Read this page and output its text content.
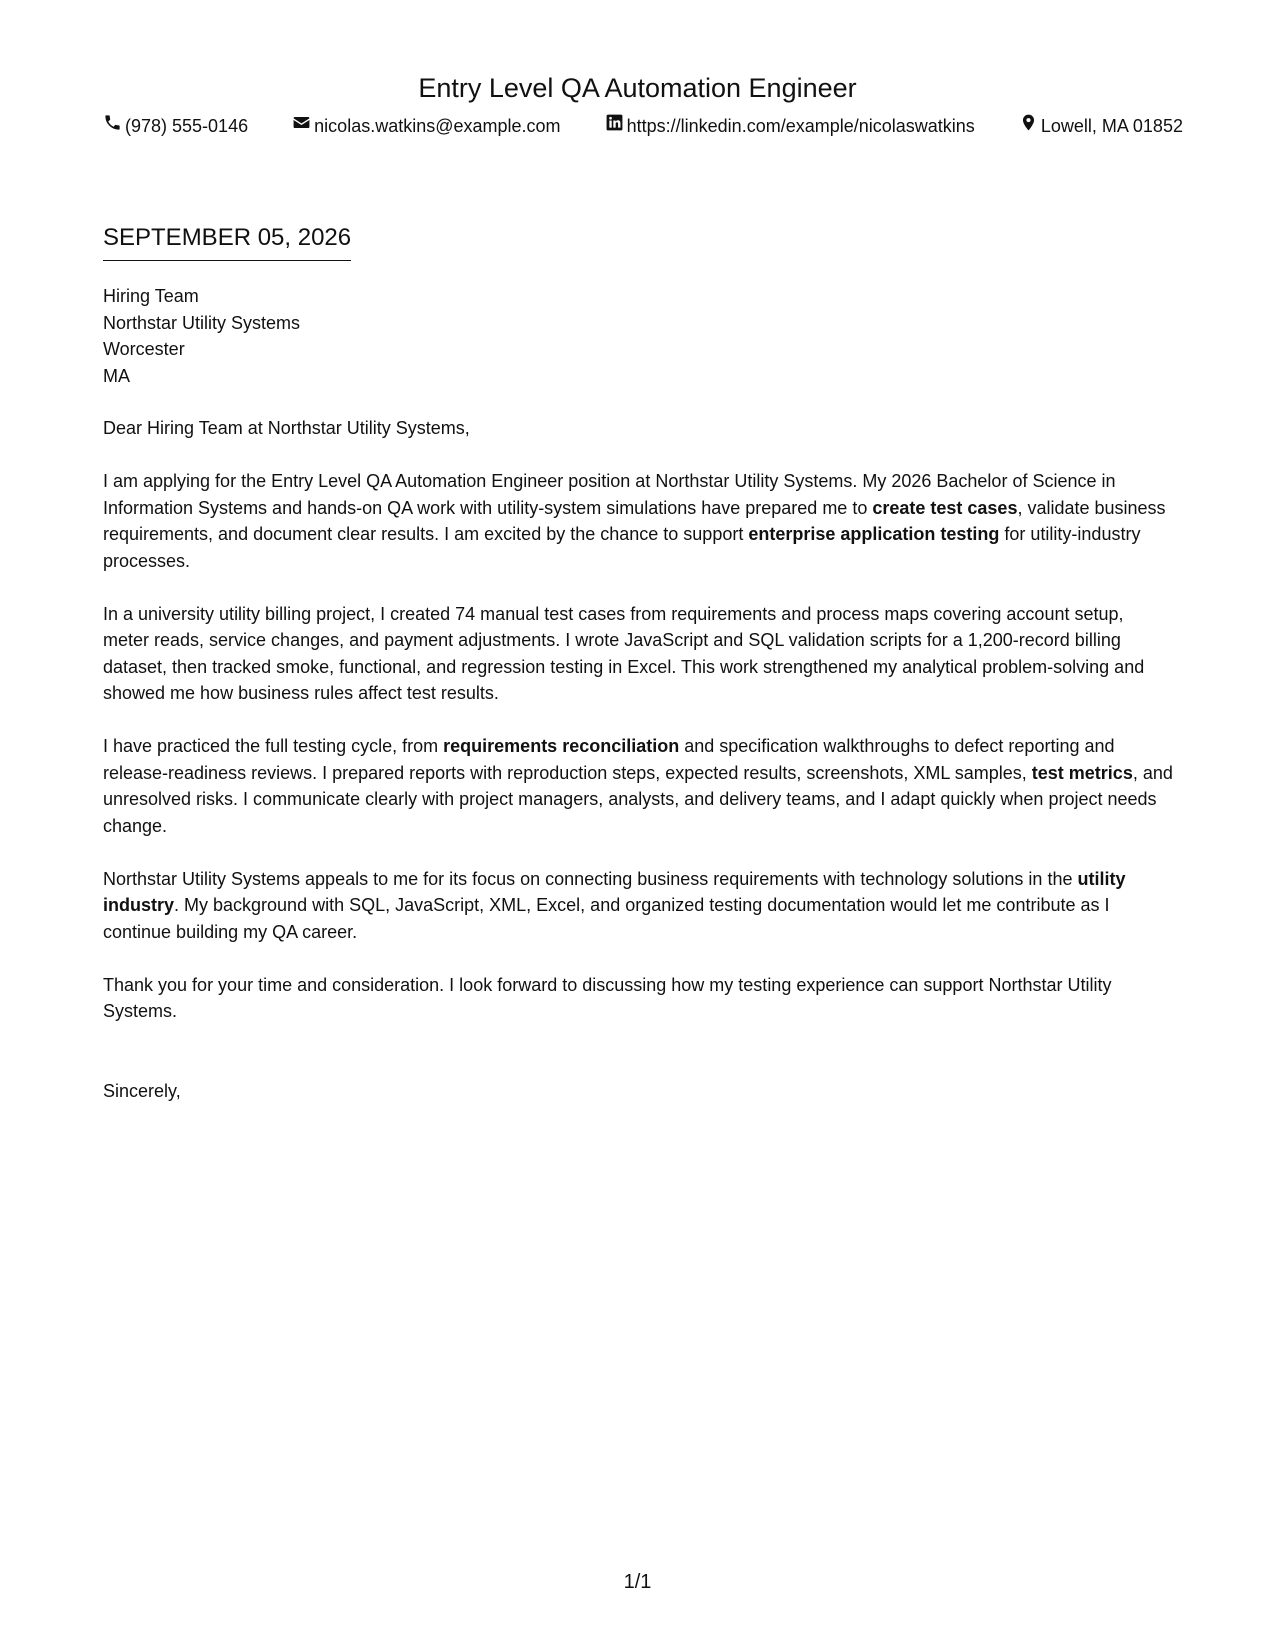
Entry Level QA Automation Engineer
(978) 555-0146	nicolas.watkins@example.com	https://linkedin.com/example/nicolaswatkins	Lowell, MA 01852
SEPTEMBER 05, 2026
Hiring Team
Northstar Utility Systems
Worcester
MA

Dear Hiring Team at Northstar Utility Systems,

I am applying for the Entry Level QA Automation Engineer position at Northstar Utility Systems. My 2026 Bachelor of Science in Information Systems and hands-on QA work with utility-system simulations have prepared me to create test cases, validate business requirements, and document clear results. I am excited by the chance to support enterprise application testing for utility-industry processes.

In a university utility billing project, I created 74 manual test cases from requirements and process maps covering account setup, meter reads, service changes, and payment adjustments. I wrote JavaScript and SQL validation scripts for a 1,200-record billing dataset, then tracked smoke, functional, and regression testing in Excel. This work strengthened my analytical problem-solving and showed me how business rules affect test results.

I have practiced the full testing cycle, from requirements reconciliation and specification walkthroughs to defect reporting and release-readiness reviews. I prepared reports with reproduction steps, expected results, screenshots, XML samples, test metrics, and unresolved risks. I communicate clearly with project managers, analysts, and delivery teams, and I adapt quickly when project needs change.

Northstar Utility Systems appeals to me for its focus on connecting business requirements with technology solutions in the utility industry. My background with SQL, JavaScript, XML, Excel, and organized testing documentation would let me contribute as I continue building my QA career.

Thank you for your time and consideration. I look forward to discussing how my testing experience can support Northstar Utility Systems.

Sincerely,

1/1
